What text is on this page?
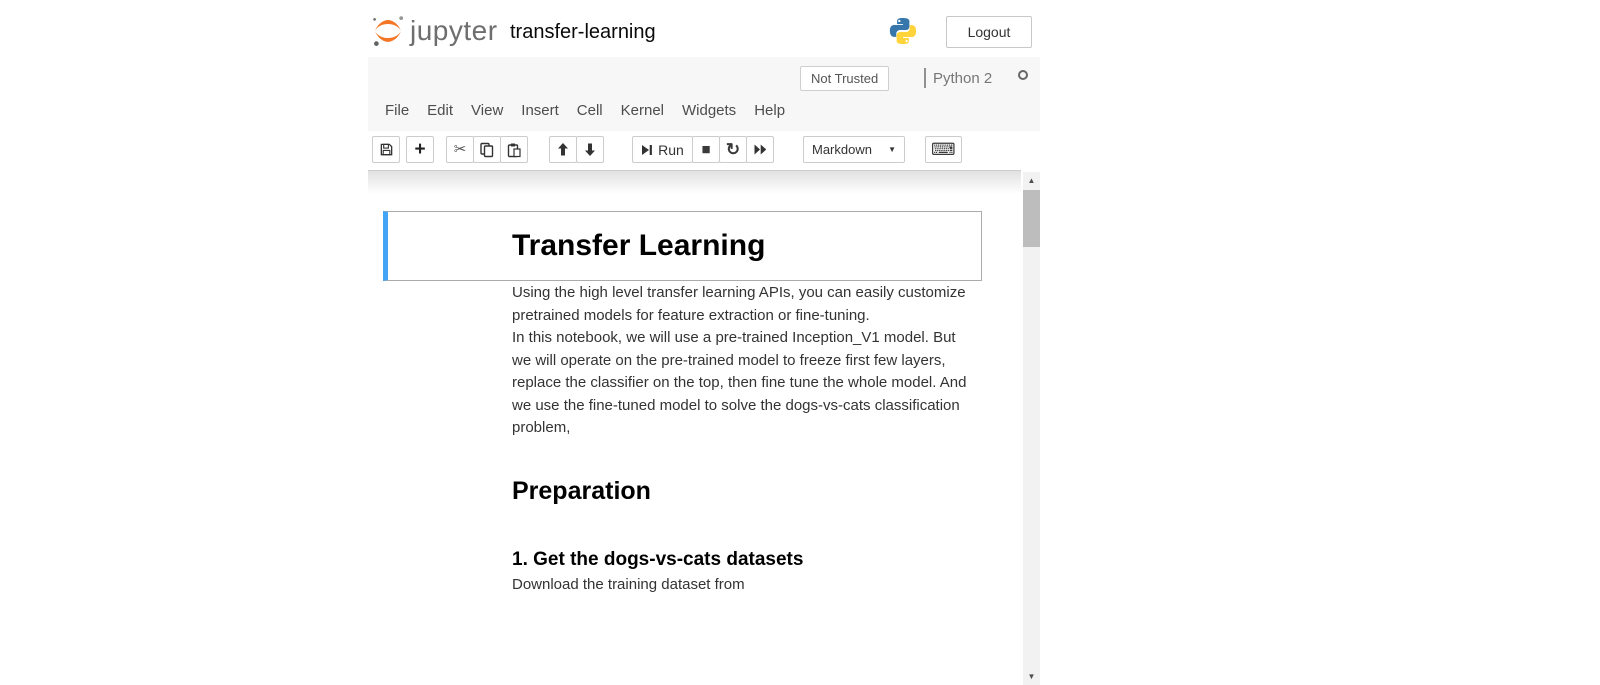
jupyter transfer-learning	Logout
Not Trusted	Python 2
File	Edit	View	Insert	Cell	Kernel	Widgets	Help
+ ✂	Run ■ ↻	Markdown ▼ ⌨
Transfer Learning

Using the high level transfer learning APIs, you can easily customize pretrained models for feature extraction or fine-tuning.

In this notebook, we will use a pre-trained Inception_V1 model. But we will operate on the pre-trained model to freeze first few layers, replace the classifier on the top, then fine tune the whole model. And we use the fine-tuned model to solve the dogs-vs-cats classification problem,

Preparation
1. Get the dogs-vs-cats datasets

Download the training dataset from

▲
▼
